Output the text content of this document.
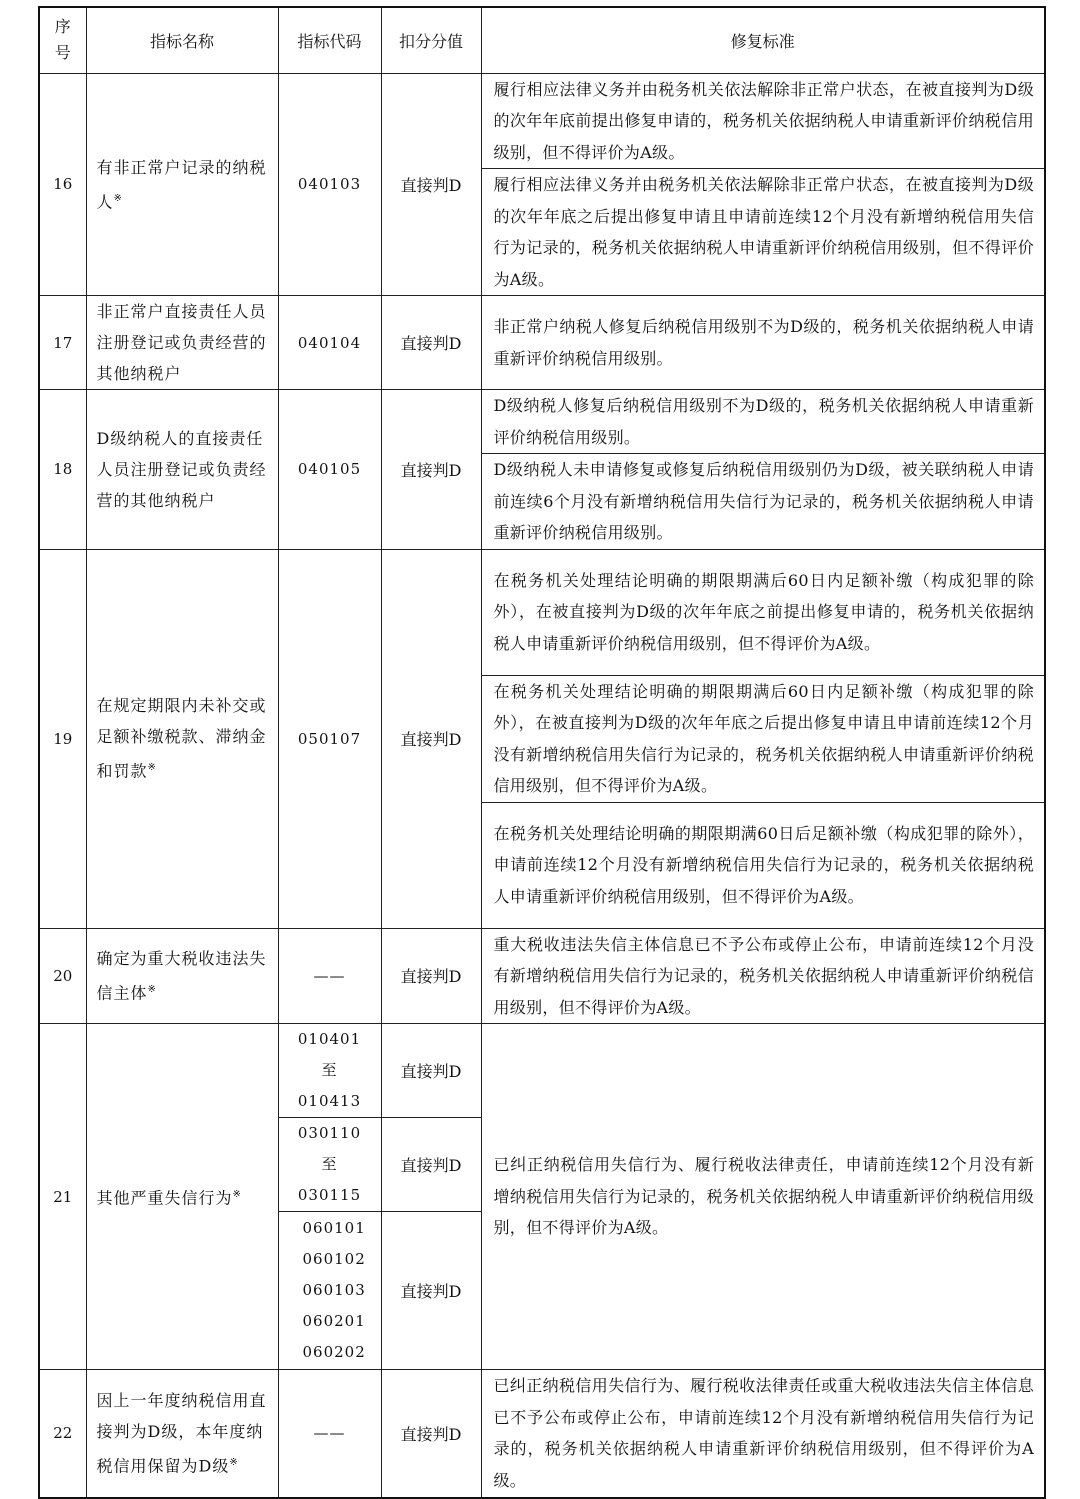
序
号	指标名称	指标代码	扣分分值	修复标准
16	有非正常户记录的纳税人※	040103	直接判D	履行相应法律义务并由税务机关依法解除非正常户状态，在被直接判为D级的次年年底前提出修复申请的，税务机关依据纳税人申请重新评价纳税信用级别，但不得评价为A级。
				履行相应法律义务并由税务机关依法解除非正常户状态，在被直接判为D级的次年年底之后提出修复申请且申请前连续12个月没有新增纳税信用失信行为记录的，税务机关依据纳税人申请重新评价纳税信用级别，但不得评价为A级。
17	非正常户直接责任人员注册登记或负责经营的其他纳税户	040104	直接判D	非正常户纳税人修复后纳税信用级别不为D级的，税务机关依据纳税人申请重新评价纳税信用级别。
18	D级纳税人的直接责任人员注册登记或负责经营的其他纳税户	040105	直接判D	D级纳税人修复后纳税信用级别不为D级的，税务机关依据纳税人申请重新评价纳税信用级别。
				D级纳税人未申请修复或修复后纳税信用级别仍为D级，被关联纳税人申请前连续6个月没有新增纳税信用失信行为记录的，税务机关依据纳税人申请重新评价纳税信用级别。
19	在规定期限内未补交或足额补缴税款、滞纳金和罚款※	050107	直接判D	在税务机关处理结论明确的期限期满后60日内足额补缴（构成犯罪的除外），在被直接判为D级的次年年底之前提出修复申请的，税务机关依据纳税人申请重新评价纳税信用级别，但不得评价为A级。
				在税务机关处理结论明确的期限期满后60日内足额补缴（构成犯罪的除外），在被直接判为D级的次年年底之后提出修复申请且申请前连续12个月没有新增纳税信用失信行为记录的，税务机关依据纳税人申请重新评价纳税信用级别，但不得评价为A级。
				在税务机关处理结论明确的期限期满60日后足额补缴（构成犯罪的除外），申请前连续12个月没有新增纳税信用失信行为记录的，税务机关依据纳税人申请重新评价纳税信用级别，但不得评价为A级。
20	确定为重大税收违法失信主体※	——	直接判D	重大税收违法失信主体信息已不予公布或停止公布，申请前连续12个月没有新增纳税信用失信行为记录的，税务机关依据纳税人申请重新评价纳税信用级别，但不得评价为A级。
21	其他严重失信行为※	010401 至 010413	直接判D	已纠正纳税信用失信行为、履行税收法律责任，申请前连续12个月没有新增纳税信用失信行为记录的，税务机关依据纳税人申请重新评价纳税信用级别，但不得评价为A级。
		030110 至 030115	直接判D	
		060101 060102 060103 060201 060202	直接判D	
22	因上一年度纳税信用直接判为D级，本年度纳税信用保留为D级※	——	直接判D	已纠正纳税信用失信行为、履行税收法律责任或重大税收违法失信主体信息已不予公布或停止公布，申请前连续12个月没有新增纳税信用失信行为记录的，税务机关依据纳税人申请重新评价纳税信用级别，但不得评价为A级。
